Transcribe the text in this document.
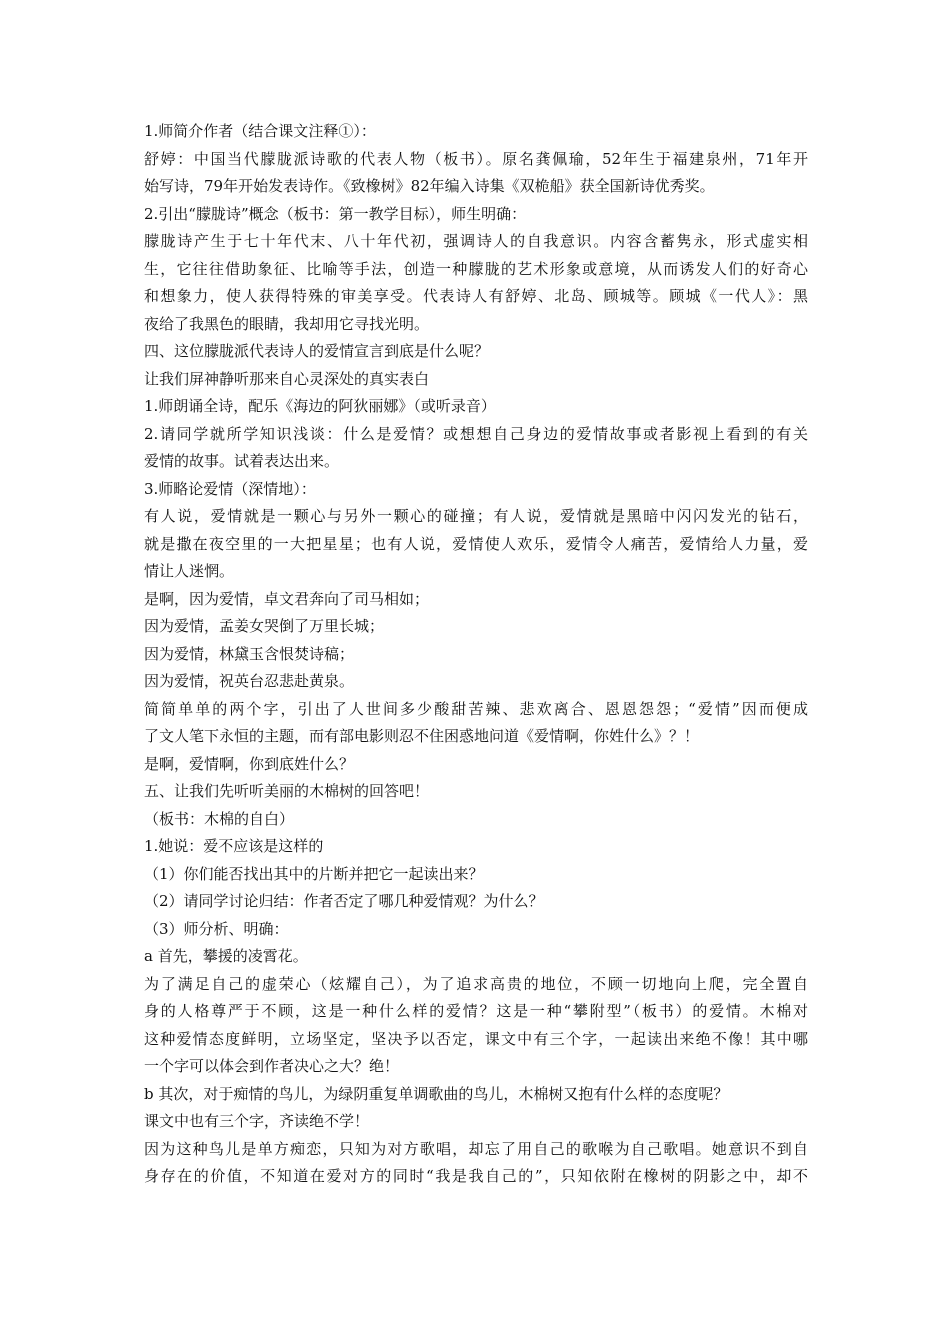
1.师简介作者（结合课文注释①）：
舒婷：中国当代朦胧派诗歌的代表人物（板书）。原名龚佩瑜，52年生于福建泉州，71年开
始写诗，79年开始发表诗作。《致橡树》82年编入诗集《双桅船》获全国新诗优秀奖。
2.引出“朦胧诗”概念（板书：第一教学目标），师生明确：
朦胧诗产生于七十年代末、八十年代初，强调诗人的自我意识。内容含蓄隽永，形式虚实相
生，它往往借助象征、比喻等手法，创造一种朦胧的艺术形象或意境，从而诱发人们的好奇心
和想象力，使人获得特殊的审美享受。代表诗人有舒婷、北岛、顾城等。顾城《一代人》：黑
夜给了我黑色的眼睛，我却用它寻找光明。
四、这位朦胧派代表诗人的爱情宣言到底是什么呢？
让我们屏神静听那来自心灵深处的真实表白
1.师朗诵全诗，配乐《海边的阿狄丽娜》（或听录音）
2.请同学就所学知识浅谈：什么是爱情？或想想自己身边的爱情故事或者影视上看到的有关
爱情的故事。试着表达出来。
3.师略论爱情（深情地）：
有人说，爱情就是一颗心与另外一颗心的碰撞；有人说，爱情就是黑暗中闪闪发光的钻石，
就是撒在夜空里的一大把星星；也有人说，爱情使人欢乐，爱情令人痛苦，爱情给人力量，爱
情让人迷惘。
是啊，因为爱情，卓文君奔向了司马相如；
因为爱情，孟姜女哭倒了万里长城；
因为爱情，林黛玉含恨焚诗稿；
因为爱情，祝英台忍悲赴黄泉。
简简单单的两个字，引出了人世间多少酸甜苦辣、悲欢离合、恩恩怨怨；“爱情”因而便成
了文人笔下永恒的主题，而有部电影则忍不住困惑地问道《爱情啊，你姓什么》？！
是啊，爱情啊，你到底姓什么？
五、让我们先听听美丽的木棉树的回答吧！
（板书：木棉的自白）
1.她说：爱不应该是这样的
（1）你们能否找出其中的片断并把它一起读出来？
（2）请同学讨论归结：作者否定了哪几种爱情观？为什么？
（3）师分析、明确：
a 首先，攀援的凌霄花。
为了满足自己的虚荣心（炫耀自己），为了追求高贵的地位，不顾一切地向上爬，完全置自
身的人格尊严于不顾，这是一种什么样的爱情？这是一种“攀附型”（板书）的爱情。木棉对
这种爱情态度鲜明，立场坚定，坚决予以否定，课文中有三个字，一起读出来绝不像！其中哪
一个字可以体会到作者决心之大？绝！
b 其次，对于痴情的鸟儿，为绿阴重复单调歌曲的鸟儿，木棉树又抱有什么样的态度呢？
课文中也有三个字，齐读绝不学！
因为这种鸟儿是单方痴恋，只知为对方歌唱，却忘了用自己的歌喉为自己歌唱。她意识不到自
身存在的价值，不知道在爱对方的同时“我是我自己的”，只知依附在橡树的阴影之中，却不
